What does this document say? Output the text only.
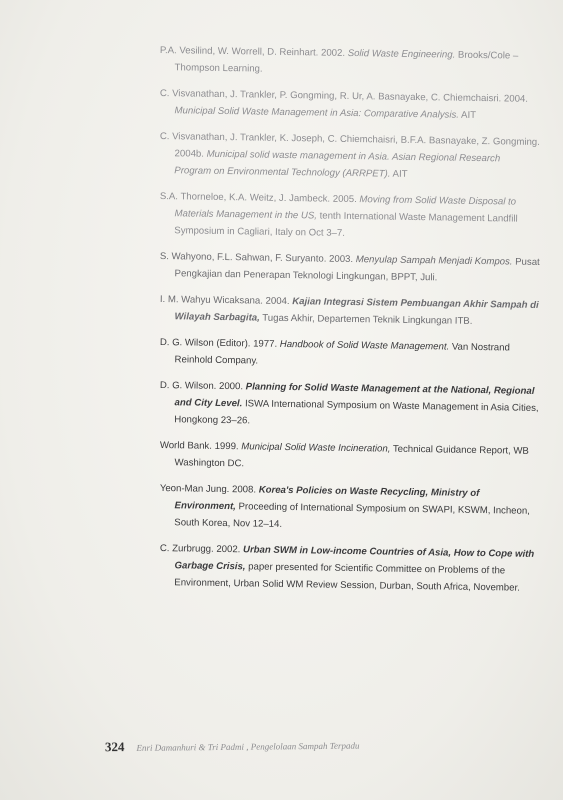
P.A. Vesilind, W. Worrell, D. Reinhart. 2002. Solid Waste Engineering. Brooks/Cole – Thompson Learning.
C. Visvanathan, J. Trankler, P. Gongming, R. Ur, A. Basnayake, C. Chiemchaisri. 2004. Municipal Solid Waste Management in Asia: Comparative Analysis. AIT
C. Visvanathan, J. Trankler, K. Joseph, C. Chiemchaisri, B.F.A. Basnayake, Z. Gongming. 2004b. Municipal solid waste management in Asia. Asian Regional Research Program on Environmental Technology (ARRPET). AIT
S.A. Thorneloe, K.A. Weitz, J. Jambeck. 2005. Moving from Solid Waste Disposal to Materials Management in the US, tenth International Waste Management Landfill Symposium in Cagliari, Italy on Oct 3–7.
S. Wahyono, F.L. Sahwan, F. Suryanto. 2003. Menyulap Sampah Menjadi Kompos. Pusat Pengkajian dan Penerapan Teknologi Lingkungan, BPPT, Juli.
I. M. Wahyu Wicaksana. 2004. Kajian Integrasi Sistem Pembuangan Akhir Sampah di Wilayah Sarbagita, Tugas Akhir, Departemen Teknik Lingkungan ITB.
D. G. Wilson (Editor). 1977. Handbook of Solid Waste Management. Van Nostrand Reinhold Company.
D. G. Wilson. 2000. Planning for Solid Waste Management at the National, Regional and City Level. ISWA International Symposium on Waste Management in Asia Cities, Hongkong 23–26.
World Bank. 1999. Municipal Solid Waste Incineration, Technical Guidance Report, WB Washington DC.
Yeon-Man Jung. 2008. Korea's Policies on Waste Recycling, Ministry of Environment, Proceeding of International Symposium on SWAPI, KSWM, Incheon, South Korea, Nov 12–14.
C. Zurbrugg. 2002. Urban SWM in Low-income Countries of Asia, How to Cope with Garbage Crisis, paper presented for Scientific Committee on Problems of the Environment, Urban Solid WM Review Session, Durban, South Africa, November.
324 Enri Damanhuri & Tri Padmi , Pengelolaan Sampah Terpadu
